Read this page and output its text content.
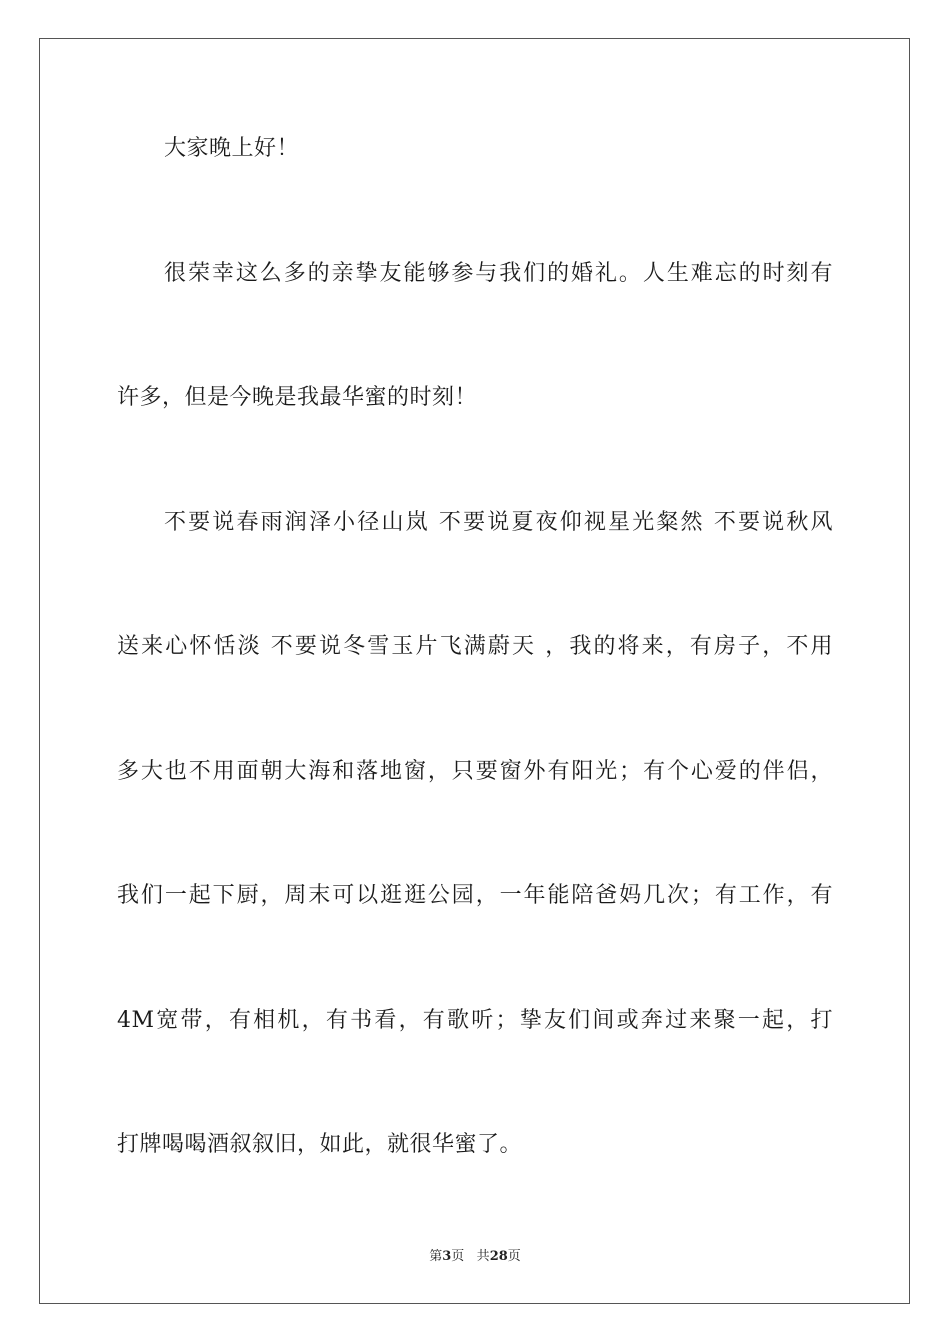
大家晚上好！
很荣幸这么多的亲挚友能够参与我们的婚礼。人生难忘的时刻有
许多，但是今晚是我最华蜜的时刻！
不要说春雨润泽小径山岚 不要说夏夜仰视星光粲然 不要说秋风
送来心怀恬淡 不要说冬雪玉片飞满蔚天 ，我的将来，有房子，不用
多大也不用面朝大海和落地窗，只要窗外有阳光；有个心爱的伴侣，
我们一起下厨，周末可以逛逛公园，一年能陪爸妈几次；有工作，有
4M宽带，有相机，有书看，有歌听；挚友们间或奔过来聚一起，打
打牌喝喝酒叙叙旧，如此，就很华蜜了。
第3页 共28页
